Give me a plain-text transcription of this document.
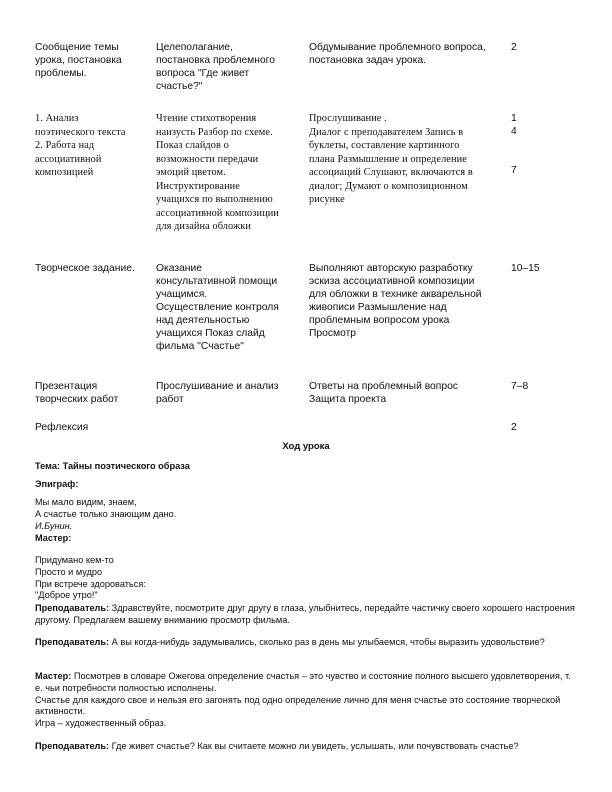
Сообщение темы
урока, постановка
проблемы.
Целеполагание,
постановка проблемного
вопроса "Где живет
счастье?"
Обдумывание проблемного вопроса,
постановка задач урока.
2
1. Анализ
поэтического текста
2. Работа над
ассоциативной
композицией
Чтение стихотворения
наизусть Разбор по схеме.
Показ слайдов о
возможности передачи
эмоций цветом.
Инструктирование
учащихся по выполнению
ассоциативной композиции
для дизайна обложки
Прослушивание .
Диалог с преподавателем Запись в
буклеты, составление картинного
плана Размышление и определение
ассоциаций Слушают, включаются в
диалог; Думают о композиционном
рисунке
1
4

7
Творческое задание.	Оказание
консультативной помощи
учащимся.
Осуществление контроля
над деятельностью
учащихся Показ слайд
фильма "Счастье"
Выполняют авторскую разработку
эскиза ассоциативной композиции
для обложки в технике акварельной
живописи Размышление над
проблемным вопросом урока
Просмотр
10–15
Презентация
творческих работ
Прослушивание и анализ
работ
Ответы на проблемный вопрос
Защита проекта
7–8
Рефлексия	2
Ход урока
Тема: Тайны поэтического образа
Эпиграф:
Мы мало видим, знаем,
А счастье только знающим дано.
И.Бунин.
Мастер:
Придумано кем-то
Просто и мудро
При встрече здороваться:
"Доброе утро!"
Преподаватель: Здравствуйте, посмотрите друг другу в глаза, улыбнитесь, передайте частичку своего хорошего настроения другому. Предлагаем вашему вниманию просмотр фильма.
Преподаватель: А вы когда-нибудь задумывались, сколько раз в день мы улыбаемся, чтобы выразить удовольствие?
Мастер: Посмотрев в словаре Ожегова определение счастья – это чувство и состояние полного высшего удовлетворения, т. е. чьи потребности полностью исполнены.
Счастье для каждого свое и нельзя его загонять под одно определение лично для меня счастье это состояние творческой активности.
Игра – художественный образ.
Преподаватель: Где живет счастье? Как вы считаете можно ли увидеть, услышать, или почувствовать счастье?
